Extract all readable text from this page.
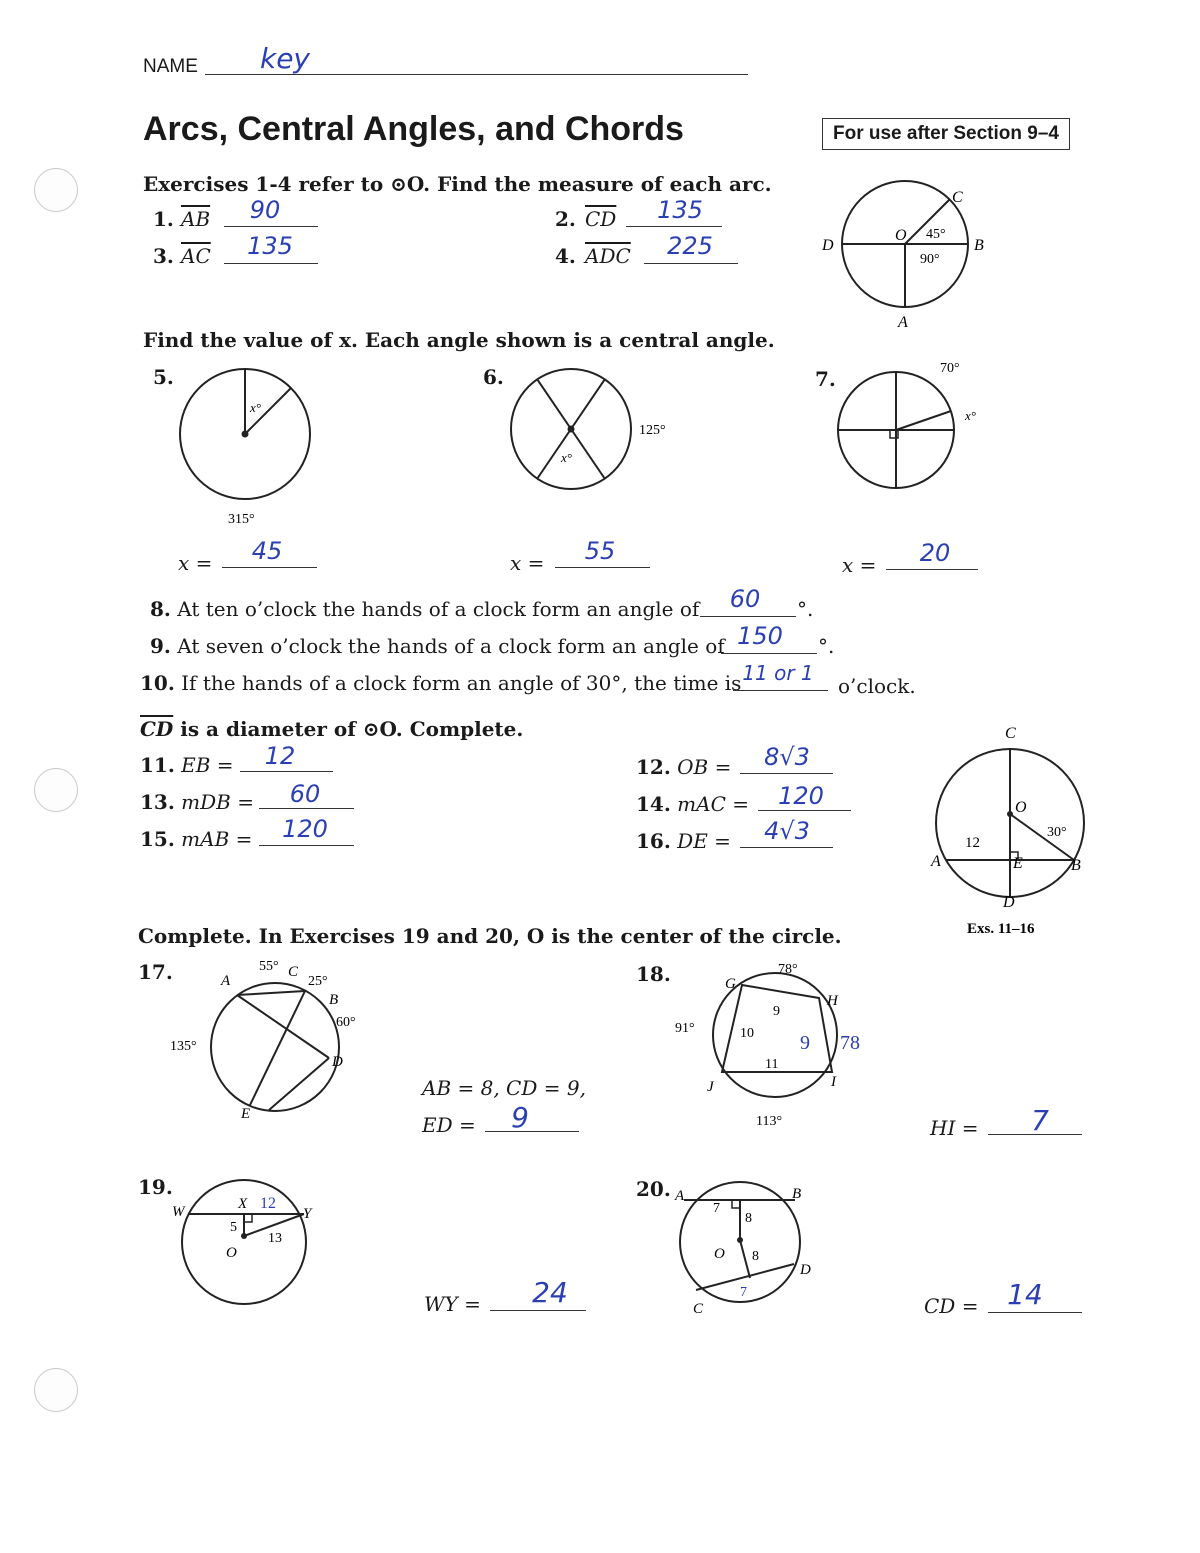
NAME key
Arcs, Central Angles, and Chords	For use after Section 9–4
Exercises 1-4 refer to ⊙O. Find the measure of each arc.
1. $\overline{AB}$	90	2. $\overline{CD}$	135
3. $\overline{AC}$	135	4. $\overline{ADC}$	225
C
D
O
B
A
45°
90°
Find the value of x. Each angle shown is a central angle.
5.
x°
315°
6.
x°
125°
7.	70°
x°
x =	45	x =	55	x =	20
8. At ten o’clock the hands of a clock form an angle of	60	°.
9. At seven o’clock the hands of a clock form an angle of 150	°.
10. If the hands of a clock form an angle of 30°, the time is 11 or 1
o’clock.
$\overline{CD}$ is a diameter of ⊙O. Complete.
11. EB =	12	12. OB =	8√3
13. mDB =	60	14. mAC =	120
15. mAB =	120	16. DE =	4√3
C
O
A	E	B
D
12
30°
Exs. 11–16
Complete. In Exercises 19 and 20, O is the center of the circle.
17.	A
C
B
D
E
55°
25°
60°
135°
AB = 8, CD = 9,
ED =	9
18.	G
H
I
J
78°
91°
113°
9
10
11
9 78
HI =	7
19.
W	X
Y
O
5
13
12
WY =	24
20. A	B
O
C
D
7
8
8
7
CD = 14
